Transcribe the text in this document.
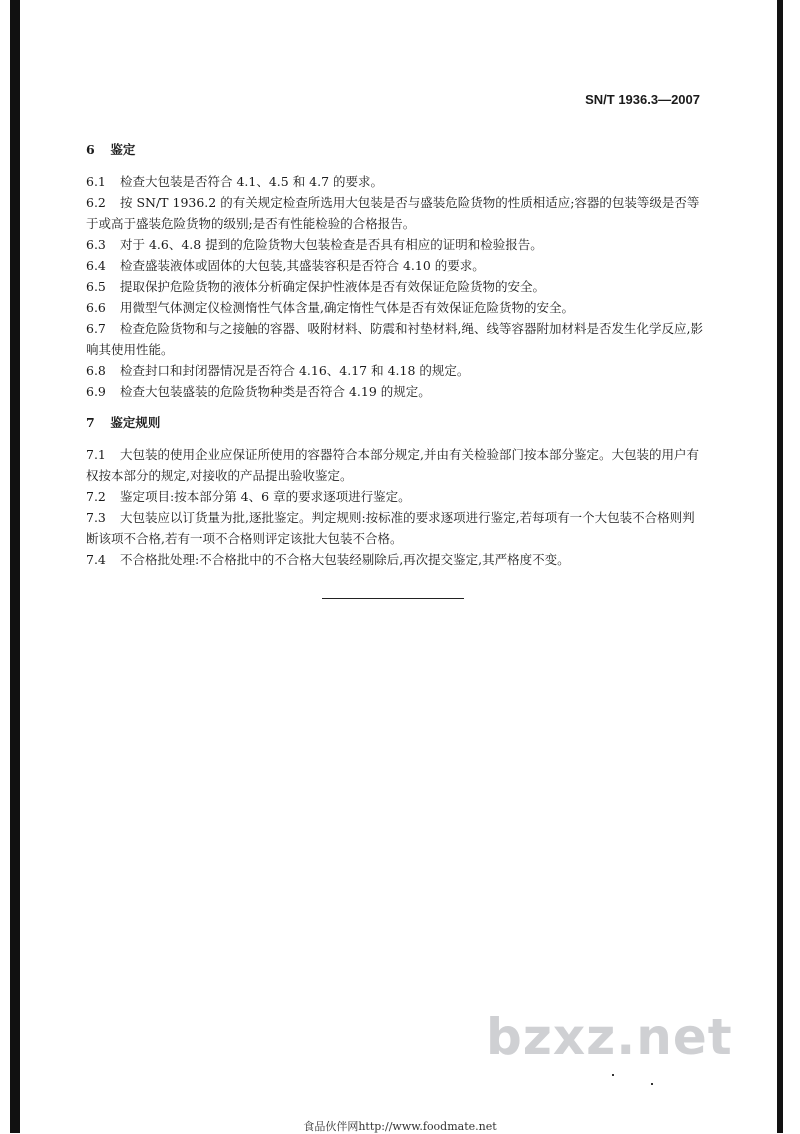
SN/T 1936.3—2007
6 鉴定

6.1 检查大包装是否符合 4.1、4.5 和 4.7 的要求。

6.2 按 SN/T 1936.2 的有关规定检查所选用大包装是否与盛装危险货物的性质相适应;容器的包装等级是否等于或高于盛装危险货物的级别;是否有性能检验的合格报告。

6.3 对于 4.6、4.8 提到的危险货物大包装检查是否具有相应的证明和检验报告。

6.4 检查盛装液体或固体的大包装,其盛装容积是否符合 4.10 的要求。

6.5 提取保护危险货物的液体分析确定保护性液体是否有效保证危险货物的安全。

6.6 用微型气体测定仪检测惰性气体含量,确定惰性气体是否有效保证危险货物的安全。

6.7 检查危险货物和与之接触的容器、吸附材料、防震和衬垫材料,绳、线等容器附加材料是否发生化学反应,影响其使用性能。

6.8 检查封口和封闭器情况是否符合 4.16、4.17 和 4.18 的规定。

6.9 检查大包装盛装的危险货物种类是否符合 4.19 的规定。

7 鉴定规则

7.1 大包装的使用企业应保证所使用的容器符合本部分规定,并由有关检验部门按本部分鉴定。大包装的用户有权按本部分的规定,对接收的产品提出验收鉴定。

7.2 鉴定项目:按本部分第 4、6 章的要求逐项进行鉴定。

7.3 大包装应以订货量为批,逐批鉴定。判定规则:按标准的要求逐项进行鉴定,若每项有一个大包装不合格则判断该项不合格,若有一项不合格则评定该批大包装不合格。

7.4 不合格批处理:不合格批中的不合格大包装经剔除后,再次提交鉴定,其严格度不变。

bzxz.net
食品伙伴网http://www.foodmate.net
